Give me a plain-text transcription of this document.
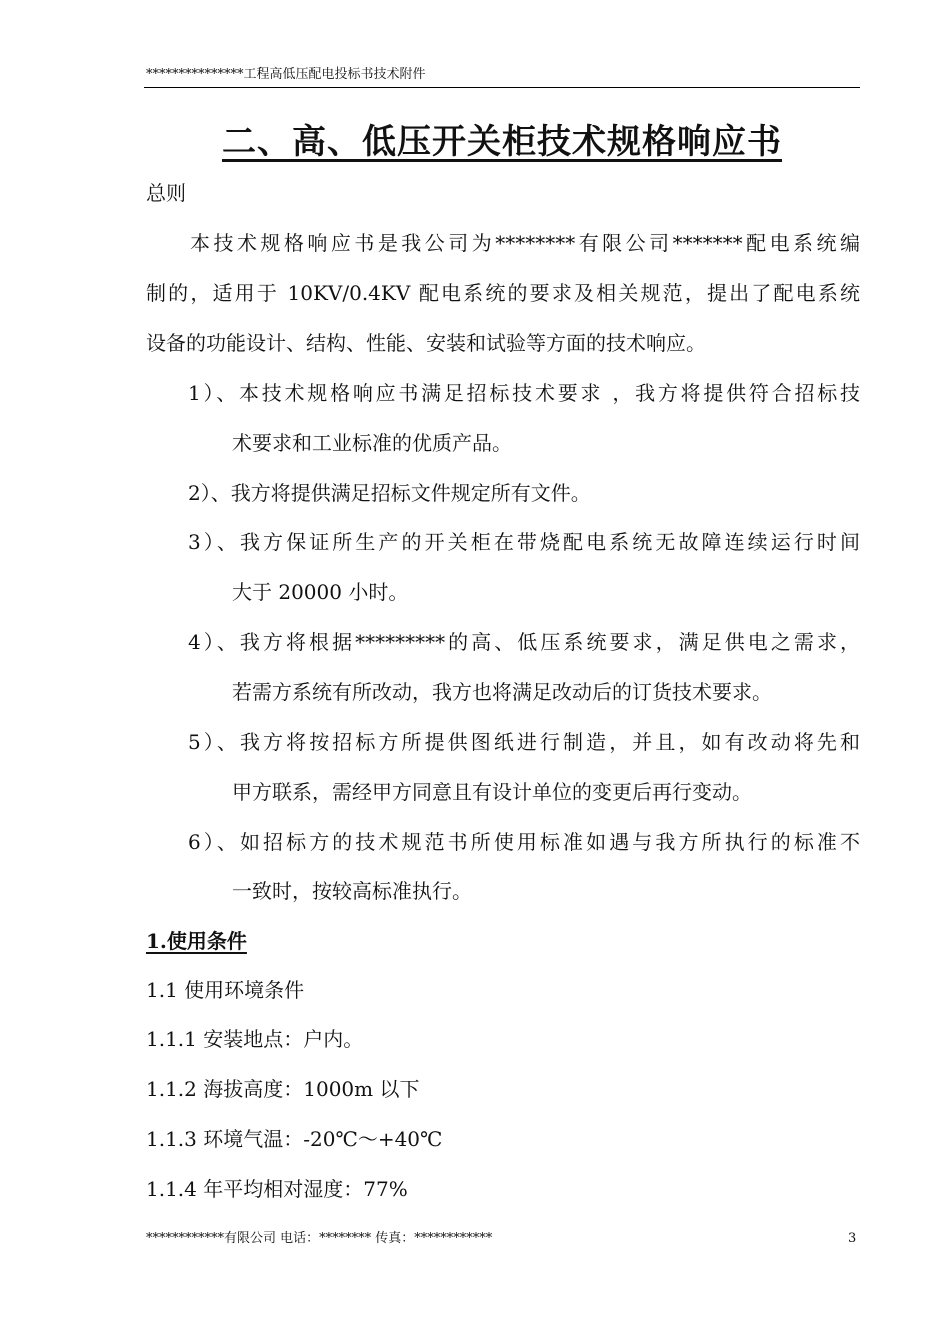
***************工程高低压配电投标书技术附件
二、高、低压开关柜技术规格响应书
总则
本技术规格响应书是我公司为********有限公司*******配电系统编
制的，适用于 10KV/0.4KV 配电系统的要求及相关规范，提出了配电系统
设备的功能设计、结构、性能、安装和试验等方面的技术响应。
1）、本技术规格响应书满足招标技术要求 ，我方将提供符合招标技
术要求和工业标准的优质产品。
2）、我方将提供满足招标文件规定所有文件。
3）、我方保证所生产的开关柜在带烧配电系统无故障连续运行时间
大于 20000 小时。
4）、我方将根据*********的高、低压系统要求，满足供电之需求，
若需方系统有所改动，我方也将满足改动后的订货技术要求。
5）、我方将按招标方所提供图纸进行制造，并且，如有改动将先和
甲方联系，需经甲方同意且有设计单位的变更后再行变动。
6）、如招标方的技术规范书所使用标准如遇与我方所执行的标准不
一致时，按较高标准执行。
1.使用条件
1.1 使用环境条件
1.1.1 安装地点：户内。
1.1.2 海拔高度：1000m 以下
1.1.3 环境气温：-20℃～+40℃
1.1.4 年平均相对湿度：77%
************有限公司 电话：******** 传真：************	3
